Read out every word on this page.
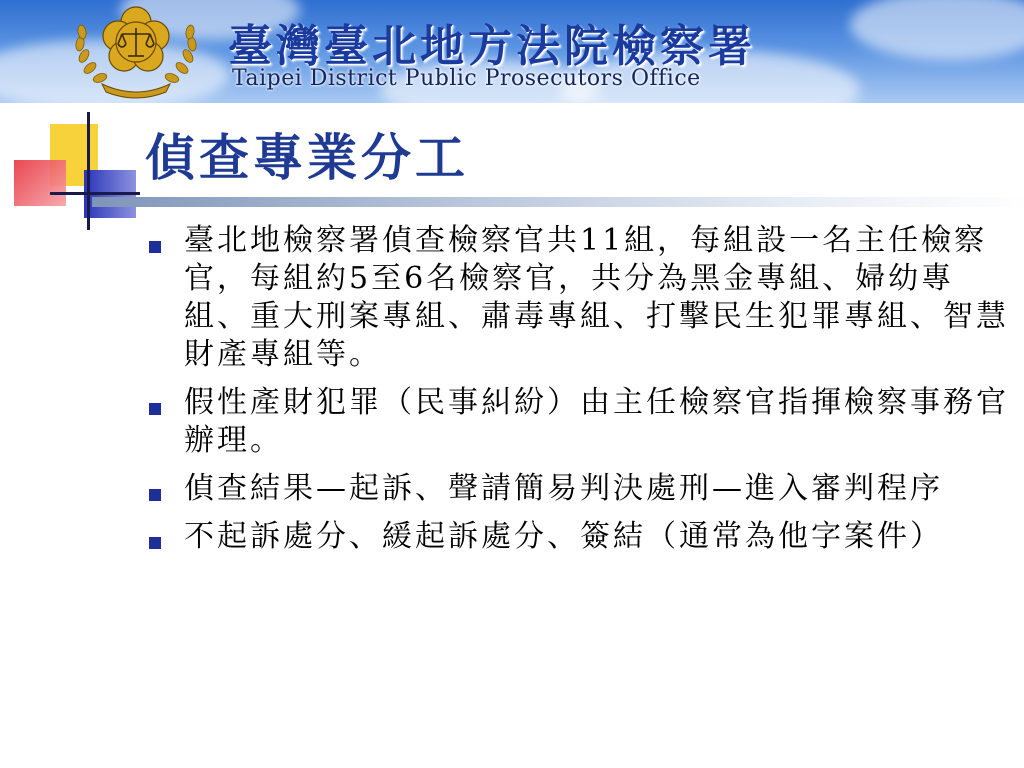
臺灣臺北地方法院檢察署
Taipei District Public Prosecutors Office
偵查專業分工
臺北地檢察署偵查檢察官共11組，每組設一名主任檢察官，每組約5至6名檢察官，共分為黑金專組、婦幼專組、重大刑案專組、肅毒專組、打擊民生犯罪專組、智慧財產專組等。
假性產財犯罪（民事糾紛）由主任檢察官指揮檢察事務官辦理。
偵查結果—起訴、聲請簡易判決處刑—進入審判程序
不起訴處分、緩起訴處分、簽結（通常為他字案件）
